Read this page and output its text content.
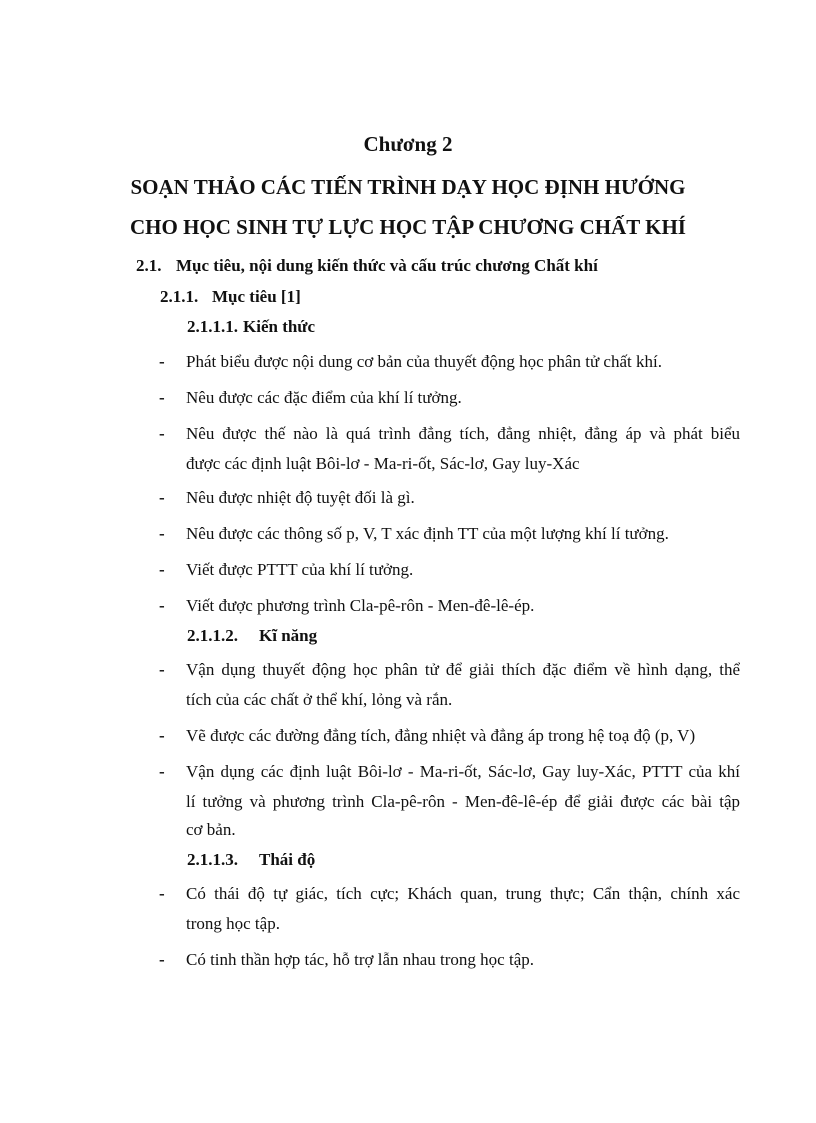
Chương 2
SOẠN THẢO CÁC TIẾN TRÌNH DẠY HỌC ĐỊNH HƯỚNG
CHO HỌC SINH TỰ LỰC HỌC TẬP CHƯƠNG CHẤT KHÍ
2.1. Mục tiêu, nội dung kiến thức và cấu trúc chương Chất khí
2.1.1. Mục tiêu [1]
2.1.1.1. Kiến thức
- Phát biểu được nội dung cơ bản của thuyết động học phân tử chất khí.
- Nêu được các đặc điểm của khí lí tưởng.
- Nêu được thế nào là quá trình đẳng tích, đẳng nhiệt, đẳng áp và phát biểu
được các định luật Bôi-lơ - Ma-ri-ốt, Sác-lơ, Gay luy-Xác
- Nêu được nhiệt độ tuyệt đối là gì.
- Nêu được các thông số p, V, T xác định TT của một lượng khí lí tưởng.
- Viết được PTTT của khí lí tưởng.
- Viết được phương trình Cla-pê-rôn - Men-đê-lê-ép.
2.1.1.2. Kĩ năng
- Vận dụng thuyết động học phân tử để giải thích đặc điểm về hình dạng, thể
tích của các chất ở thể khí, lỏng và rắn.
- Vẽ được các đường đẳng tích, đẳng nhiệt và đẳng áp trong hệ toạ độ (p, V)
- Vận dụng các định luật Bôi-lơ - Ma-ri-ốt, Sác-lơ, Gay luy-Xác, PTTT của khí
lí tưởng và phương trình Cla-pê-rôn - Men-đê-lê-ép để giải được các bài tập
cơ bản.
2.1.1.3. Thái độ
- Có thái độ tự giác, tích cực; Khách quan, trung thực; Cẩn thận, chính xác
trong học tập.
- Có tinh thần hợp tác, hỗ trợ lẫn nhau trong học tập.
